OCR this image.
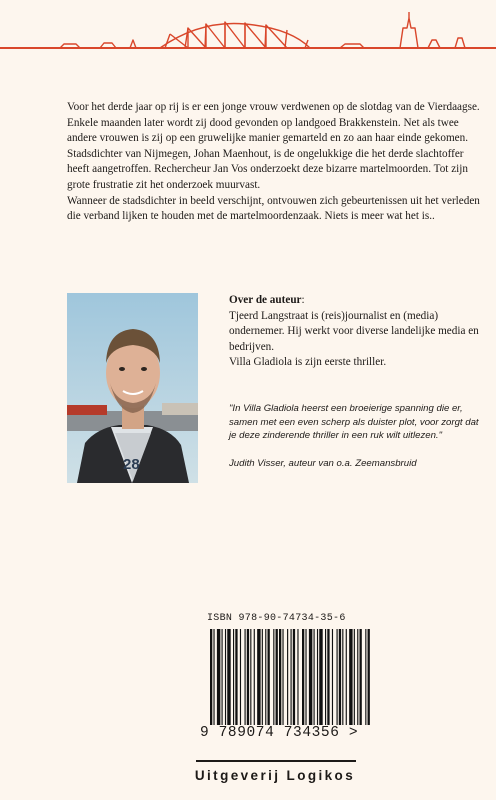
Voor het derde jaar op rij is er een jonge vrouw verdwenen op de slotdag van de Vierdaagse. Enkele maanden later wordt zij dood gevonden op landgoed Brakkenstein. Net als twee andere vrouwen is zij op een gruwelijke manier gemarteld en zo aan haar einde gekomen. Stadsdichter van Nijmegen, Johan Maenhout, is de ongelukkige die het derde slachtoffer heeft aangetroffen. Rechercheur Jan Vos onderzoekt deze bizarre martelmoorden. Tot zijn grote frustratie zit het onderzoek muurvast.

Wanneer de stadsdichter in beeld verschijnt, ontvouwen zich gebeurtenissen uit het verleden die verband lijken te houden met de martelmoordenzaak. Niets is meer wat het is..

28

Over de auteur:

Tjeerd Langstraat is (reis)journalist en (media) ondernemer. Hij werkt voor diverse landelijke media en bedrijven.

Villa Gladiola is zijn eerste thriller.

"In Villa Gladiola heerst een broeierige spanning die er, samen met een even scherp als duister plot, voor zorgt dat je deze zinderende thriller in een ruk wilt uitlezen."

Judith Visser, auteur van o.a. Zeemansbruid

ISBN 978-90-74734-35-6
9 789074 734356 >
Uitgeverij Logikos
